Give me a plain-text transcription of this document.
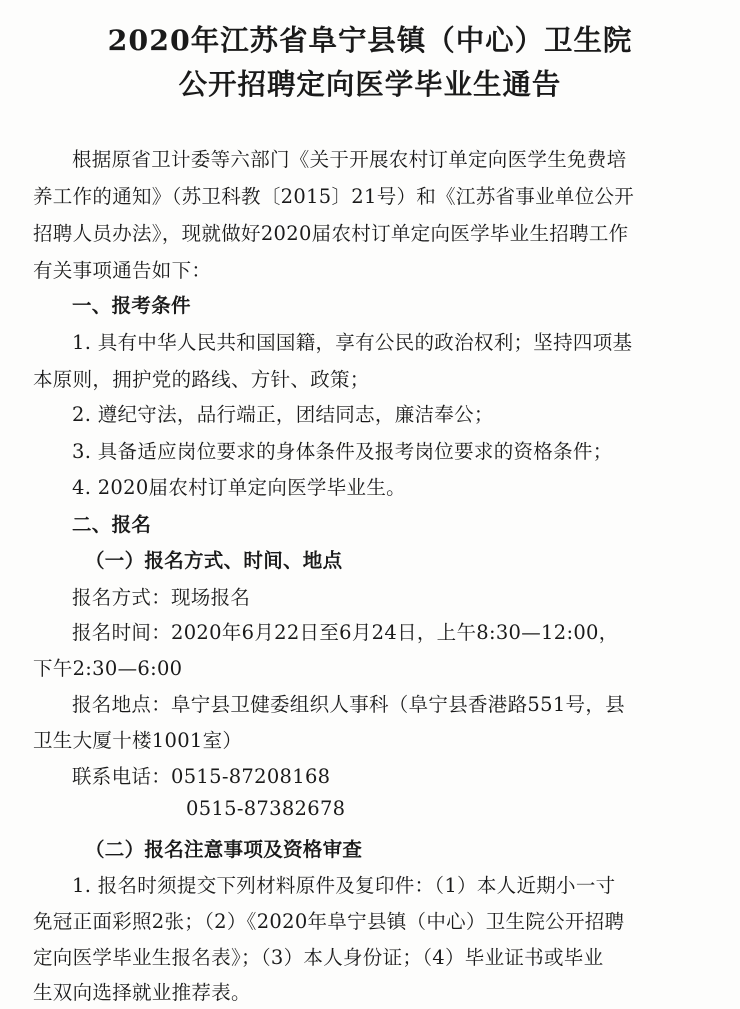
2020年江苏省阜宁县镇（中心）卫生院
公开招聘定向医学毕业生通告
根据原省卫计委等六部门《关于开展农村订单定向医学生免费培
养工作的通知》（苏卫科教〔2015〕21号）和《江苏省事业单位公开
招聘人员办法》，现就做好2020届农村订单定向医学毕业生招聘工作
有关事项通告如下：
一、报考条件
1. 具有中华人民共和国国籍，享有公民的政治权利；坚持四项基
本原则，拥护党的路线、方针、政策；
2. 遵纪守法，品行端正，团结同志，廉洁奉公；
3. 具备适应岗位要求的身体条件及报考岗位要求的资格条件；
4. 2020届农村订单定向医学毕业生。
二、报名
（一）报名方式、时间、地点
报名方式：现场报名
报名时间：2020年6月22日至6月24日，上午8:30—12:00，
下午2:30—6:00
报名地点：阜宁县卫健委组织人事科（阜宁县香港路551号，县
卫生大厦十楼1001室）
联系电话：0515-87208168
0515-87382678
（二）报名注意事项及资格审查
1. 报名时须提交下列材料原件及复印件：（1）本人近期小一寸
免冠正面彩照2张；（2）《2020年阜宁县镇（中心）卫生院公开招聘
定向医学毕业生报名表》；（3）本人身份证；（4）毕业证书或毕业
生双向选择就业推荐表。
